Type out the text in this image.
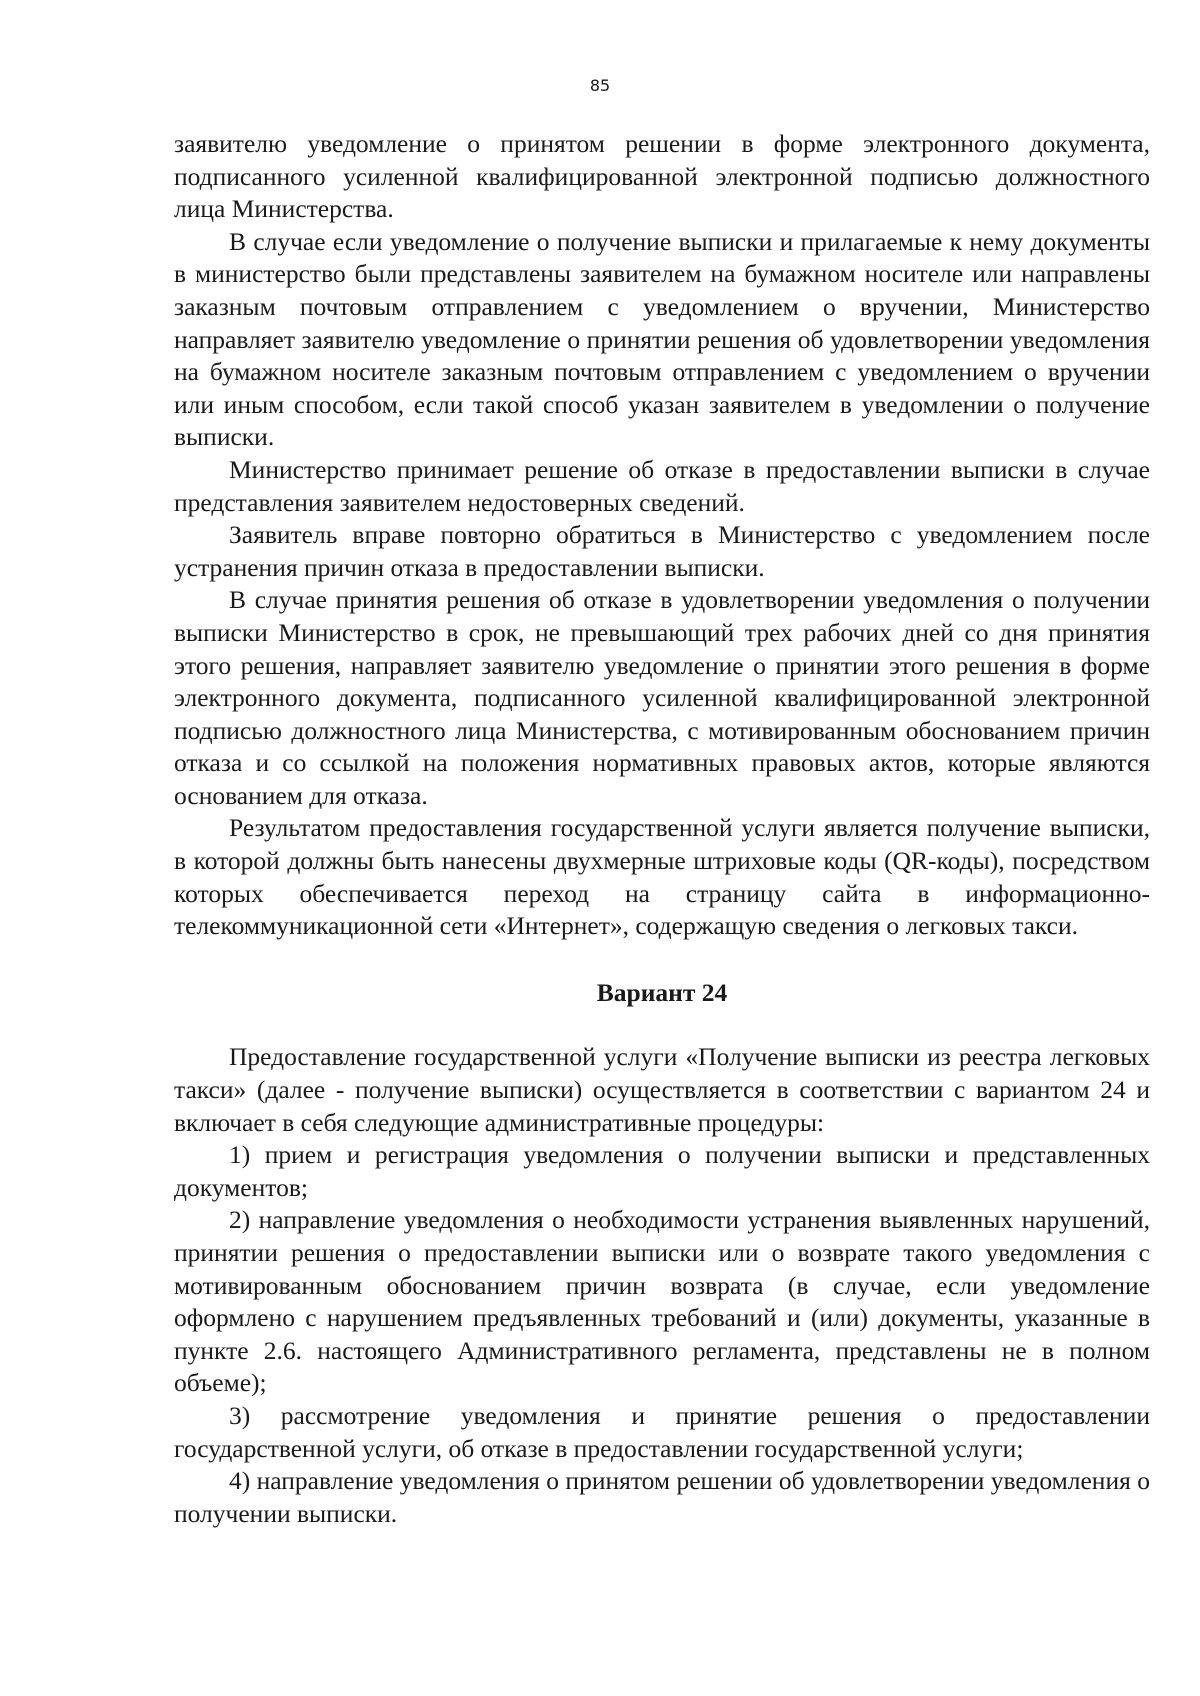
85

заявителю уведомление о принятом решении в форме электронного документа, подписанного усиленной квалифицированной электронной подписью должностного лица Министерства.

В случае если уведомление о получение выписки и прилагаемые к нему документы в министерство были представлены заявителем на бумажном носителе или направлены заказным почтовым отправлением с уведомлением о вручении, Министерство направляет заявителю уведомление о принятии решения об удовлетворении уведомления на бумажном носителе заказным почтовым отправлением с уведомлением о вручении или иным способом, если такой способ указан заявителем в уведомлении о получение выписки.

Министерство принимает решение об отказе в предоставлении выписки в случае представления заявителем недостоверных сведений.

Заявитель вправе повторно обратиться в Министерство с уведомлением после устранения причин отказа в предоставлении выписки.

В случае принятия решения об отказе в удовлетворении уведомления о получении выписки Министерство в срок, не превышающий трех рабочих дней со дня принятия этого решения, направляет заявителю уведомление о принятии этого решения в форме электронного документа, подписанного усиленной квалифицированной электронной подписью должностного лица Министерства, с мотивированным обоснованием причин отказа и со ссылкой на положения нормативных правовых актов, которые являются основанием для отказа.

Результатом предоставления государственной услуги является получение выписки, в которой должны быть нанесены двухмерные штриховые коды (QR-коды), посредством которых обеспечивается переход на страницу сайта в информационно-телекоммуникационной сети «Интернет», содержащую сведения о легковых такси.

Вариант 24

Предоставление государственной услуги «Получение выписки из реестра легковых такси» (далее - получение выписки) осуществляется в соответствии с вариантом 24 и включает в себя следующие административные процедуры:

1) прием и регистрация уведомления о получении выписки и представленных документов;

2) направление уведомления о необходимости устранения выявленных нарушений, принятии решения о предоставлении выписки или о возврате такого уведомления с мотивированным обоснованием причин возврата (в случае, если уведомление оформлено с нарушением предъявленных требований и (или) документы, указанные в пункте 2.6. настоящего Административного регламента, представлены не в полном объеме);

3) рассмотрение уведомления и принятие решения о предоставлении государственной услуги, об отказе в предоставлении государственной услуги;

4) направление уведомления о принятом решении об удовлетворении уведомления о получении выписки.
